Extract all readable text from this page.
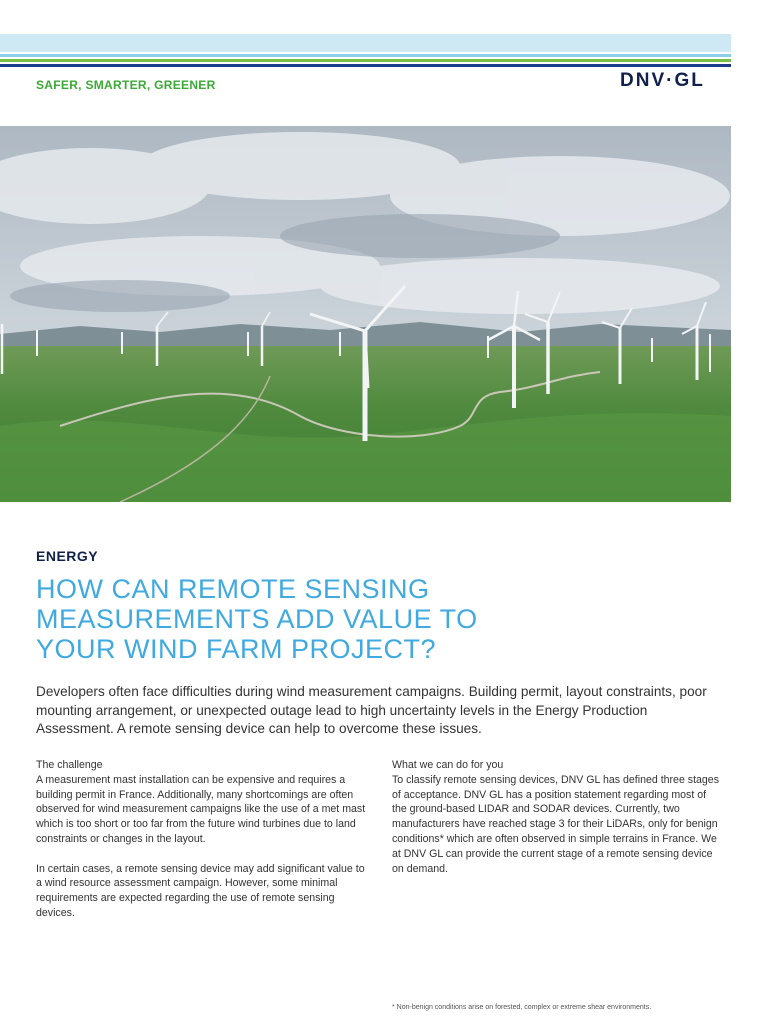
SAFER, SMARTER, GREENER	DNV·GL
ENERGY
HOW CAN REMOTE SENSING
MEASUREMENTS ADD VALUE TO
YOUR WIND FARM PROJECT?

Developers often face difficulties during wind measurement campaigns. Building permit, layout constraints, poor mounting arrangement, or unexpected outage lead to high uncertainty levels in the Energy Production Assessment. A remote sensing device can help to overcome these issues.

The challenge

A measurement mast installation can be expensive and requires a building permit in France. Additionally, many shortcomings are often observed for wind measurement campaigns like the use of a met mast which is too short or too far from the future wind turbines due to land constraints or changes in the layout.

In certain cases, a remote sensing device may add significant value to a wind resource assessment campaign. However, some minimal requirements are expected regarding the use of remote sensing devices.

What we can do for you

To classify remote sensing devices, DNV GL has defined three stages of acceptance. DNV GL has a position statement regarding most of the ground-based LIDAR and SODAR devices. Currently, two manufacturers have reached stage 3 for their LiDARs, only for benign conditions* which are often observed in simple terrains in France. We at DNV GL can provide the current stage of a remote sensing device on demand.

* Non-benign conditions arise on forested, complex or extreme shear environments.
